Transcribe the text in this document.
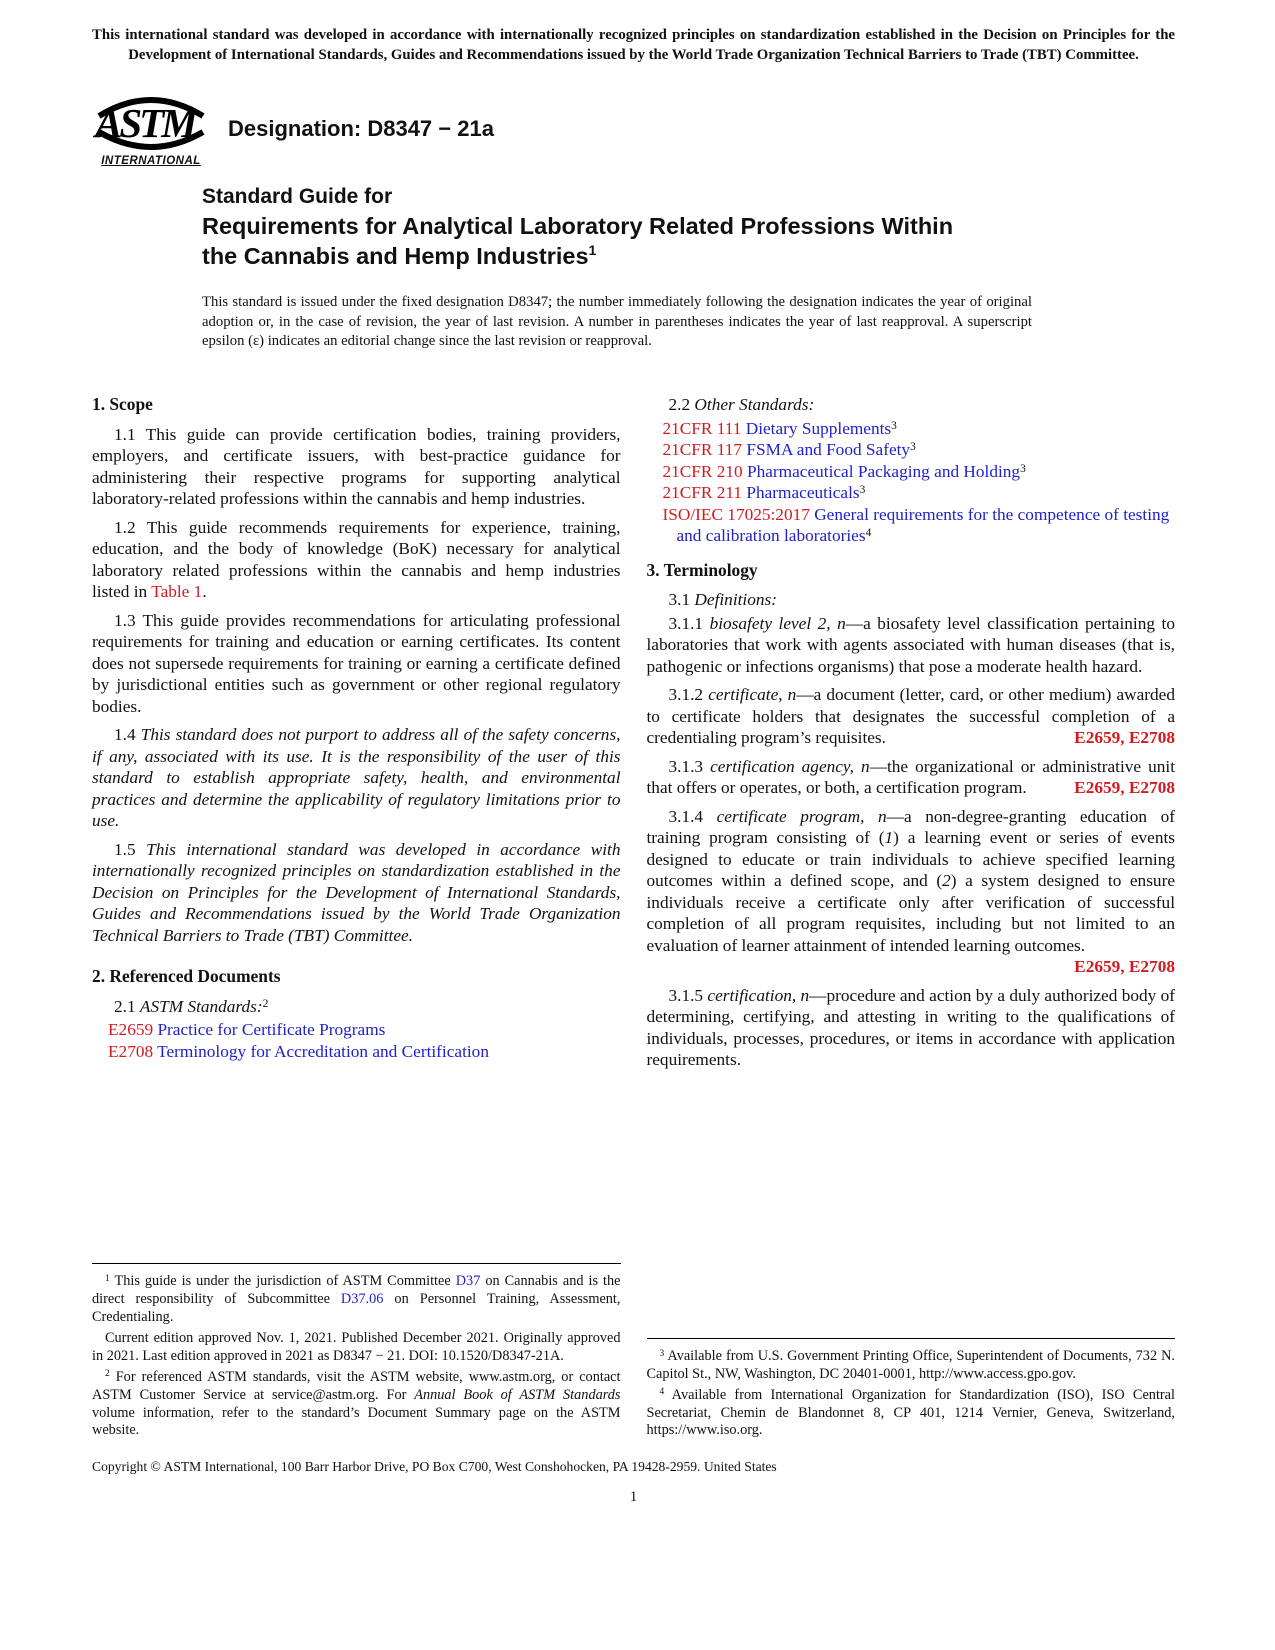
This international standard was developed in accordance with internationally recognized principles on standardization established in the Decision on Principles for the Development of International Standards, Guides and Recommendations issued by the World Trade Organization Technical Barriers to Trade (TBT) Committee.

ASTM
INTERNATIONAL
Designation: D8347 − 21a
Standard Guide for
Requirements for Analytical Laboratory Related Professions Within the Cannabis and Hemp Industries$^1$

This standard is issued under the fixed designation D8347; the number immediately following the designation indicates the year of original adoption or, in the case of revision, the year of last revision. A number in parentheses indicates the year of last reapproval. A superscript epsilon (ε) indicates an editorial change since the last revision or reapproval.

1. Scope

1.1 This guide can provide certification bodies, training providers, employers, and certificate issuers, with best-practice guidance for administering their respective programs for supporting analytical laboratory-related professions within the cannabis and hemp industries.

1.2 This guide recommends requirements for experience, training, education, and the body of knowledge (BoK) necessary for analytical laboratory related professions within the cannabis and hemp industries listed in Table 1.

1.3 This guide provides recommendations for articulating professional requirements for training and education or earning certificates. Its content does not supersede requirements for training or earning a certificate defined by jurisdictional entities such as government or other regional regulatory bodies.

1.4 This standard does not purport to address all of the safety concerns, if any, associated with its use. It is the responsibility of the user of this standard to establish appropriate safety, health, and environmental practices and determine the applicability of regulatory limitations prior to use.

1.5 This international standard was developed in accordance with internationally recognized principles on standardization established in the Decision on Principles for the Development of International Standards, Guides and Recommendations issued by the World Trade Organization Technical Barriers to Trade (TBT) Committee.

2. Referenced Documents

2.1 ASTM Standards:$^2$

E2659 Practice for Certificate Programs

E2708 Terminology for Accreditation and Certification

$^1$ This guide is under the jurisdiction of ASTM Committee D37 on Cannabis and is the direct responsibility of Subcommittee D37.06 on Personnel Training, Assessment, Credentialing.

Current edition approved Nov. 1, 2021. Published December 2021. Originally approved in 2021. Last edition approved in 2021 as D8347 − 21. DOI: 10.1520/D8347-21A.

$^2$ For referenced ASTM standards, visit the ASTM website, www.astm.org, or contact ASTM Customer Service at service@astm.org. For Annual Book of ASTM Standards volume information, refer to the standard’s Document Summary page on the ASTM website.

2.2 Other Standards:

21CFR 111 Dietary Supplements$^3$

21CFR 117 FSMA and Food Safety$^3$

21CFR 210 Pharmaceutical Packaging and Holding$^3$

21CFR 211 Pharmaceuticals$^3$

ISO/IEC 17025:2017 General requirements for the competence of testing and calibration laboratories$^4$

3. Terminology

3.1 Definitions:

3.1.1 biosafety level 2, n—a biosafety level classification pertaining to laboratories that work with agents associated with human diseases (that is, pathogenic or infections organisms) that pose a moderate health hazard.

3.1.2 certificate, n—a document (letter, card, or other medium) awarded to certificate holders that designates the successful completion of a credentialing program’s requisites.	E2659, E2708

3.1.3 certification agency, n—the organizational or administrative unit that offers or operates, or both, a certification program.	E2659, E2708

3.1.4 certificate program, n—a non-degree-granting education of training program consisting of (1) a learning event or series of events designed to educate or train individuals to achieve specified learning outcomes within a defined scope, and (2) a system designed to ensure individuals receive a certificate only after verification of successful completion of all program requisites, including but not limited to an evaluation of learner attainment of intended learning outcomes.
E2659, E2708

3.1.5 certification, n—procedure and action by a duly authorized body of determining, certifying, and attesting in writing to the qualifications of individuals, processes, procedures, or items in accordance with application requirements.

$^3$ Available from U.S. Government Printing Office, Superintendent of Documents, 732 N. Capitol St., NW, Washington, DC 20401-0001, http://www.access.gpo.gov.

$^4$ Available from International Organization for Standardization (ISO), ISO Central Secretariat, Chemin de Blandonnet 8, CP 401, 1214 Vernier, Geneva, Switzerland, https://www.iso.org.

Copyright © ASTM International, 100 Barr Harbor Drive, PO Box C700, West Conshohocken, PA 19428-2959. United States

1
